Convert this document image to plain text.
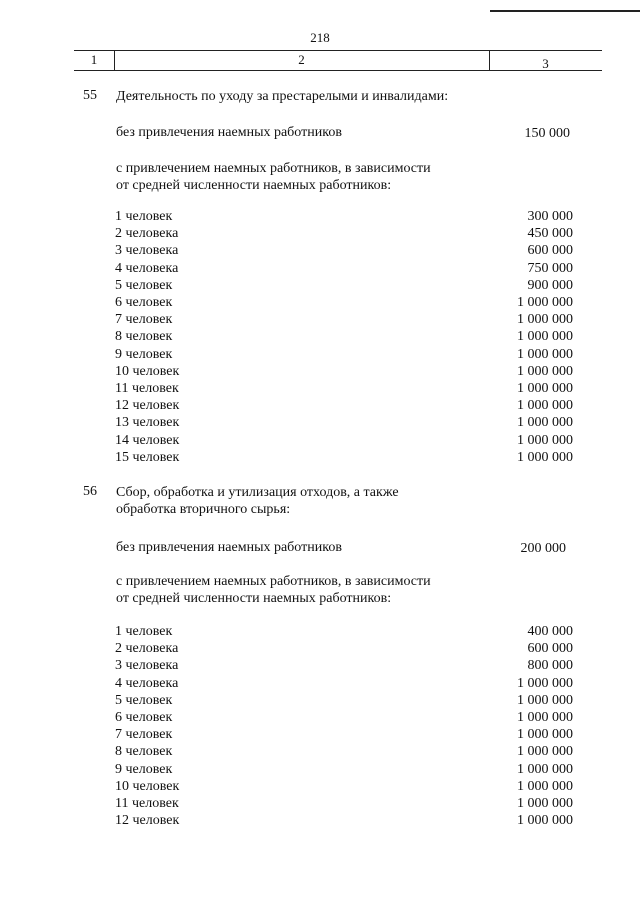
218
1	2	3
55 Деятельность по уходу за престарелыми и инвалидами:
без привлечения наемных работников	150 000
с привлечением наемных работников, в зависимости
от средней численности наемных работников:
1 человек	300 000
2 человека	450 000
3 человека	600 000
4 человека	750 000
5 человек	900 000
6 человек	1 000 000
7 человек	1 000 000
8 человек	1 000 000
9 человек	1 000 000
10 человек	1 000 000
11 человек	1 000 000
12 человек	1 000 000
13 человек	1 000 000
14 человек	1 000 000
15 человек	1 000 000
56 Сбор, обработка и утилизация отходов, а также
обработка вторичного сырья:
без привлечения наемных работников	200 000
с привлечением наемных работников, в зависимости
от средней численности наемных работников:
1 человек	400 000
2 человека	600 000
3 человека	800 000
4 человека	1 000 000
5 человек	1 000 000
6 человек	1 000 000
7 человек	1 000 000
8 человек	1 000 000
9 человек	1 000 000
10 человек	1 000 000
11 человек	1 000 000
12 человек	1 000 000
